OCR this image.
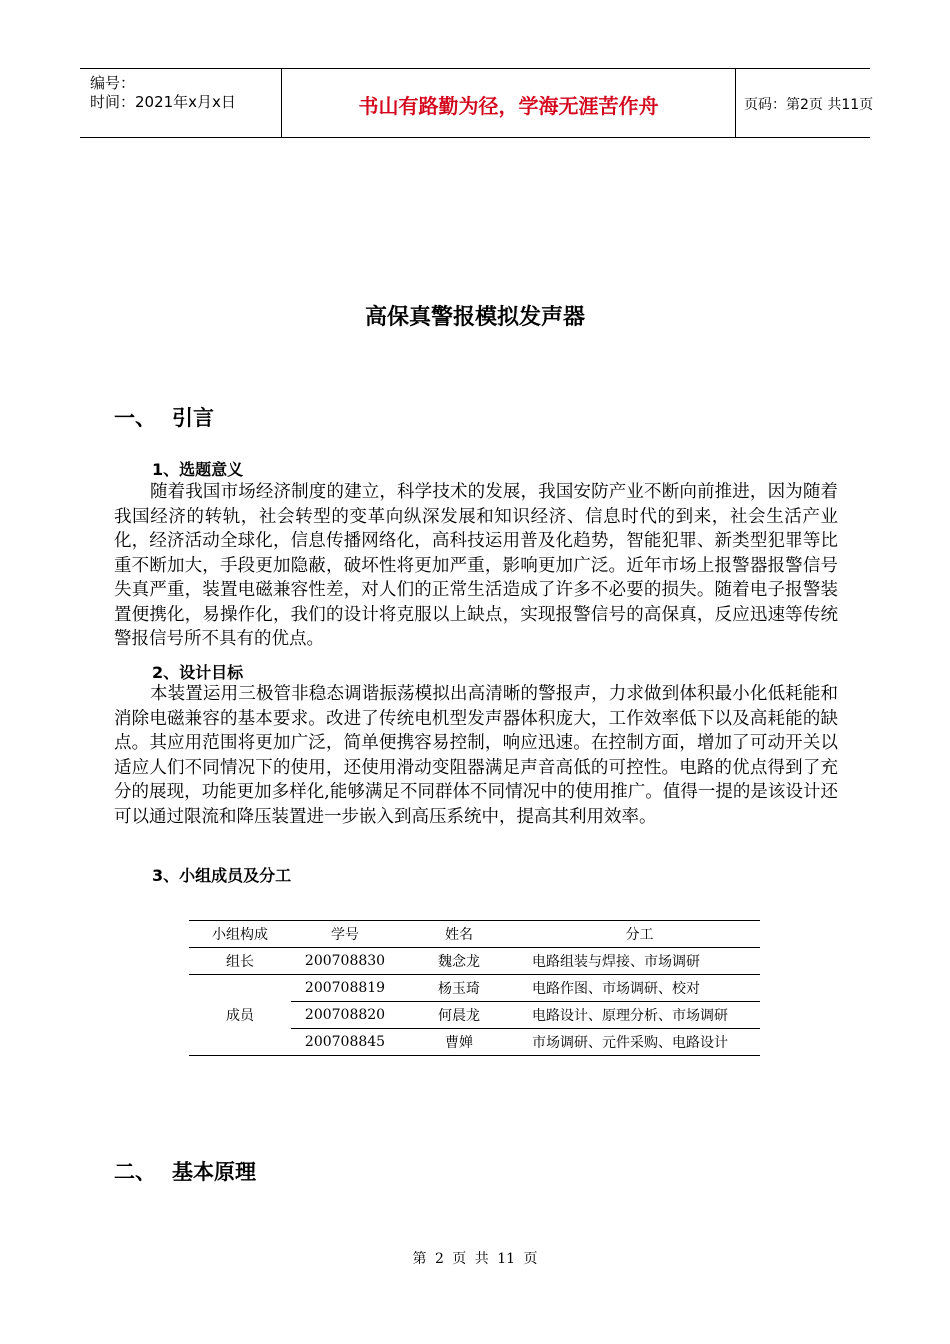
编号：
时间：2021年x月x日	书山有路勤为径，学海无涯苦作舟	页码：第2页 共11页
高保真警报模拟发声器
一、 引言
1、选题意义

随着我国市场经济制度的建立，科学技术的发展，我国安防产业不断向前推进，因为随着我国经济的转轨，社会转型的变革向纵深发展和知识经济、信息时代的到来，社会生活产业化，经济活动全球化，信息传播网络化，高科技运用普及化趋势，智能犯罪、新类型犯罪等比重不断加大，手段更加隐蔽，破坏性将更加严重，影响更加广泛。近年市场上报警器报警信号失真严重，装置电磁兼容性差，对人们的正常生活造成了许多不必要的损失。随着电子报警装置便携化，易操作化，我们的设计将克服以上缺点，实现报警信号的高保真，反应迅速等传统警报信号所不具有的优点。

2、设计目标

本装置运用三极管非稳态调谐振荡模拟出高清晰的警报声，力求做到体积最小化低耗能和消除电磁兼容的基本要求。改进了传统电机型发声器体积庞大，工作效率低下以及高耗能的缺点。其应用范围将更加广泛，简单便携容易控制，响应迅速。在控制方面，增加了可动开关以适应人们不同情况下的使用，还使用滑动变阻器满足声音高低的可控性。电路的优点得到了充分的展现，功能更加多样化,能够满足不同群体不同情况中的使用推广。值得一提的是该设计还可以通过限流和降压装置进一步嵌入到高压系统中，提高其利用效率。

3、小组成员及分工
小组构成	学号	姓名	分工
组长	200708830	魏念龙	电路组装与焊接、市场调研
成员	200708819	杨玉琦	电路作图、市场调研、校对
	200708820	何晨龙	电路设计、原理分析、市场调研
	200708845	曹婵	市场调研、元件采购、电路设计
二、 基本原理
第 2 页 共 11 页
